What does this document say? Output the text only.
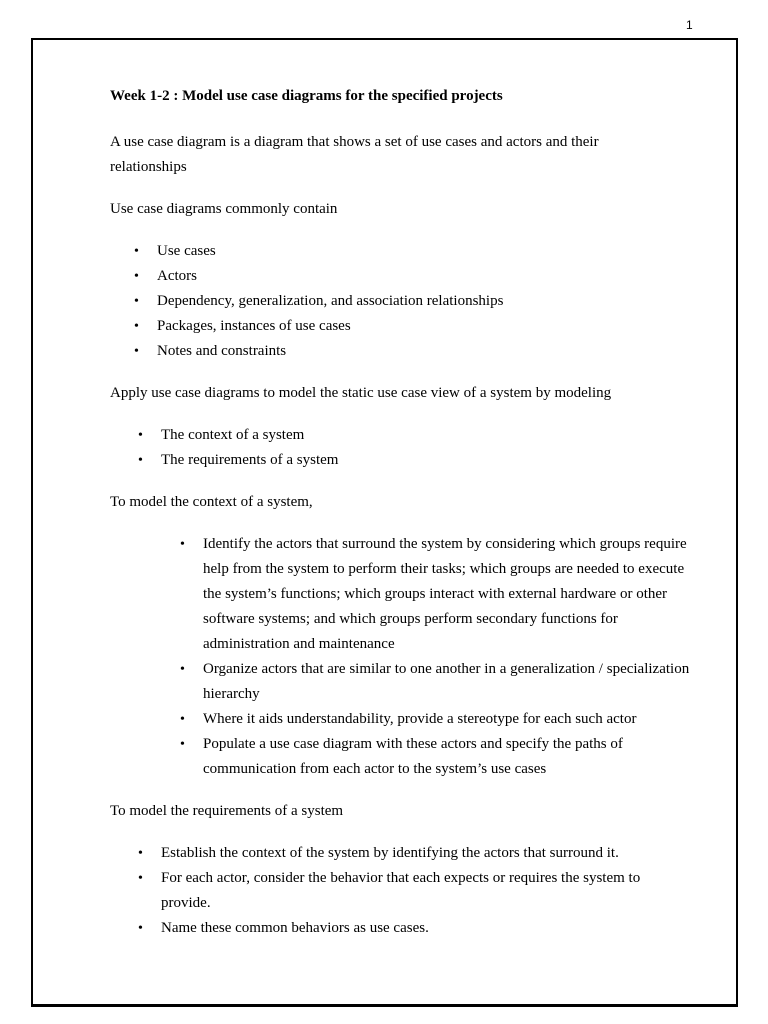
1
Week 1-2 : Model use case diagrams for the specified projects

A use case diagram is a diagram that shows a set of use cases and actors and their relationships

Use case diagrams commonly contain

• Use cases
• Actors
• Dependency, generalization, and association relationships
• Packages, instances of use cases
• Notes and constraints

Apply use case diagrams to model the static use case view of a system by modeling

• The context of a system
• The requirements of a system

To model the context of a system,

• Identify the actors that surround the system by considering which groups require help from the system to perform their tasks; which groups are needed to execute the system’s functions; which groups interact with external hardware or other software systems; and which groups perform secondary functions for administration and maintenance
• Organize actors that are similar to one another in a generalization / specialization hierarchy
• Where it aids understandability, provide a stereotype for each such actor
• Populate a use case diagram with these actors and specify the paths of communication from each actor to the system’s use cases

To model the requirements of a system

• Establish the context of the system by identifying the actors that surround it.
• For each actor, consider the behavior that each expects or requires the system to provide.
• Name these common behaviors as use cases.
